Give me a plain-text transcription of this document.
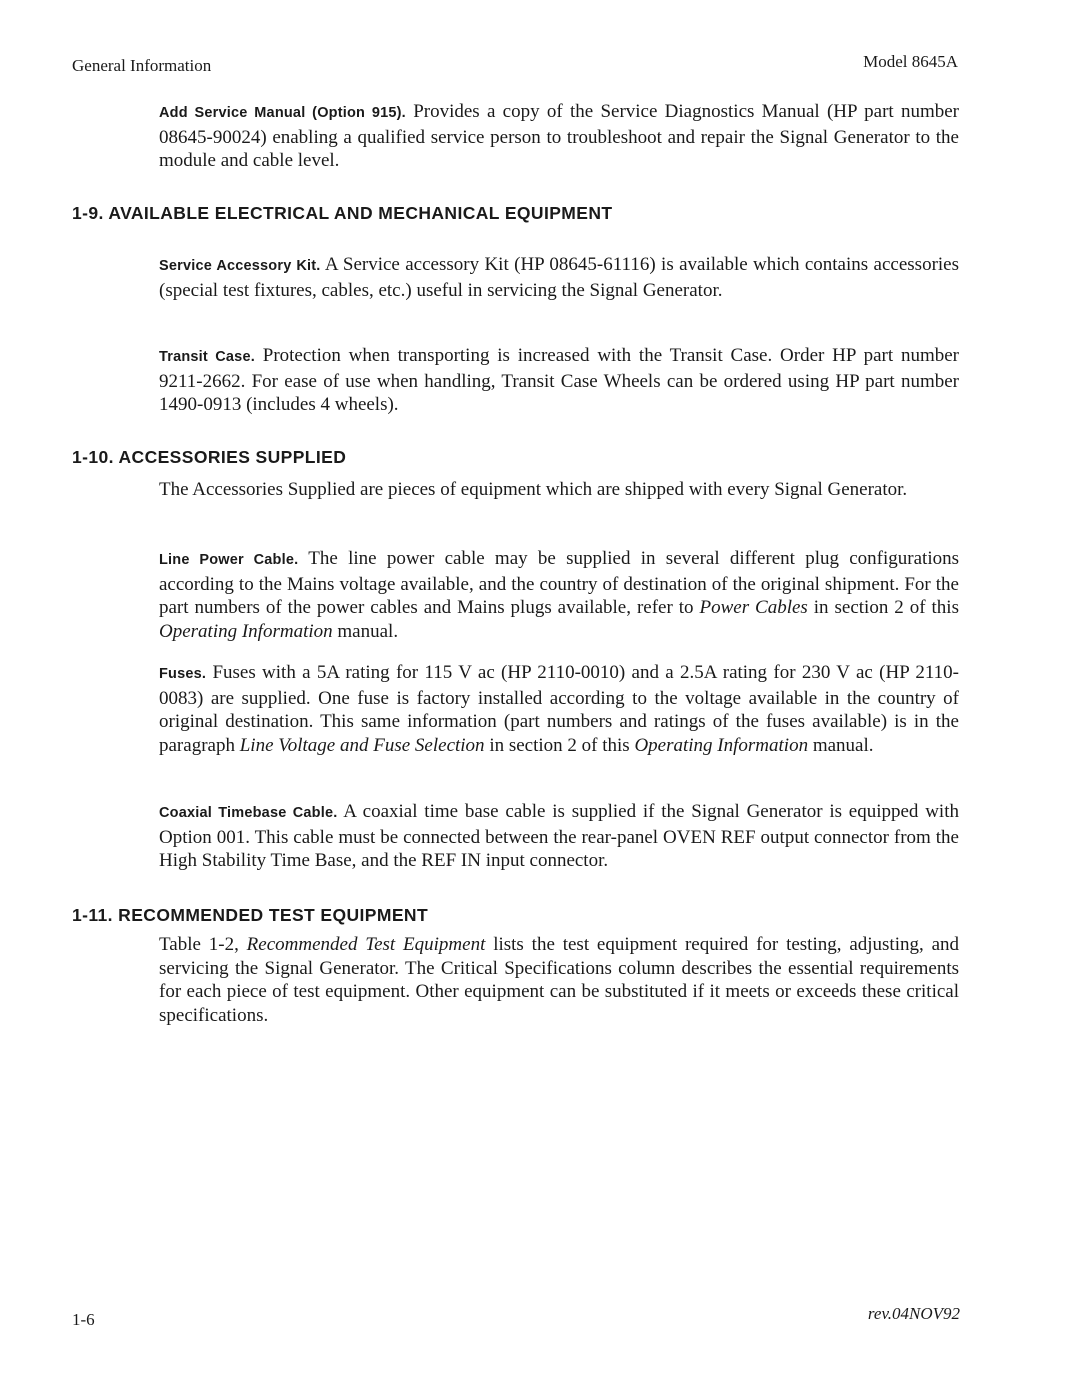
General Information	Model 8645A

Add Service Manual (Option 915). Provides a copy of the Service Diagnostics Manual (HP part number 08645-90024) enabling a qualified service person to troubleshoot and repair the Signal Generator to the module and cable level.

1-9. AVAILABLE ELECTRICAL AND MECHANICAL EQUIPMENT

Service Accessory Kit. A Service accessory Kit (HP 08645-61116) is available which contains accessories (special test fixtures, cables, etc.) useful in servicing the Signal Generator.

Transit Case. Protection when transporting is increased with the Transit Case. Order HP part number 9211-2662. For ease of use when handling, Transit Case Wheels can be ordered using HP part number 1490-0913 (includes 4 wheels).

1-10. ACCESSORIES SUPPLIED

The Accessories Supplied are pieces of equipment which are shipped with every Signal Generator.

Line Power Cable. The line power cable may be supplied in several different plug configurations according to the Mains voltage available, and the country of destination of the original shipment. For the part numbers of the power cables and Mains plugs available, refer to Power Cables in section 2 of this Operating Information manual.

Fuses. Fuses with a 5A rating for 115 V ac (HP 2110-0010) and a 2.5A rating for 230 V ac (HP 2110-0083) are supplied. One fuse is factory installed according to the voltage available in the country of original destination. This same information (part numbers and ratings of the fuses available) is in the paragraph Line Voltage and Fuse Selection in section 2 of this Operating Information manual.

Coaxial Timebase Cable. A coaxial time base cable is supplied if the Signal Generator is equipped with Option 001. This cable must be connected between the rear-panel OVEN REF output connector from the High Stability Time Base, and the REF IN input connector.

1-11. RECOMMENDED TEST EQUIPMENT

Table 1-2, Recommended Test Equipment lists the test equipment required for testing, adjusting, and servicing the Signal Generator. The Critical Specifications column describes the essential requirements for each piece of test equipment. Other equipment can be substituted if it meets or exceeds these critical specifications.

1-6	rev.04NOV92
